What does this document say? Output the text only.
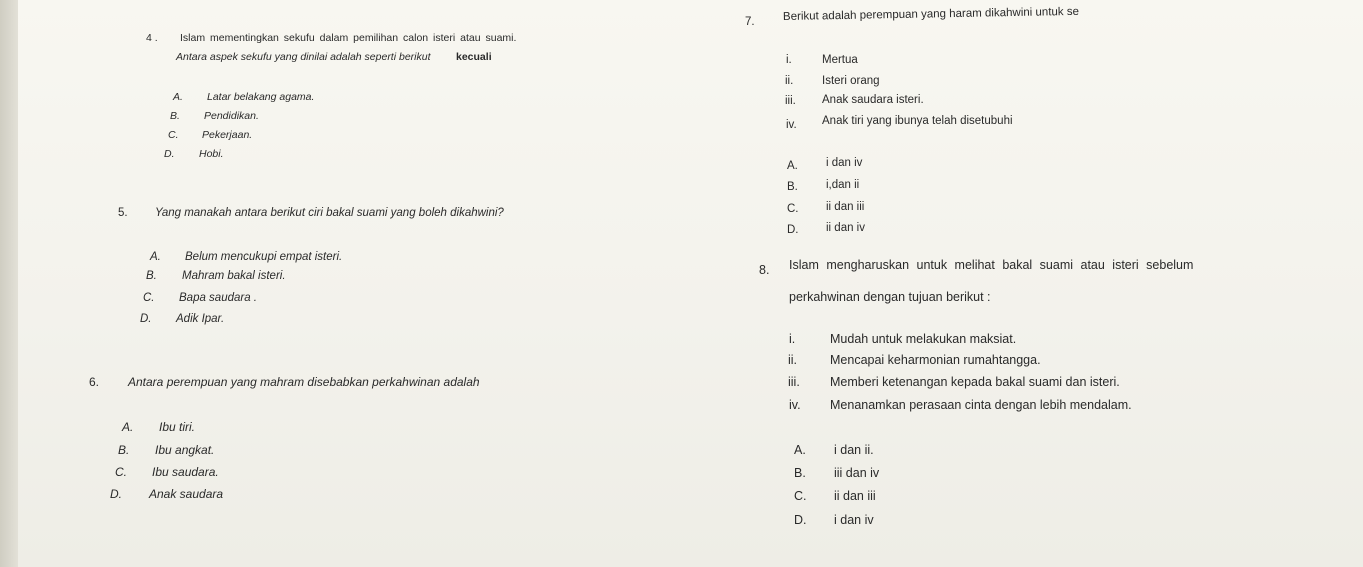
4 . Islam mementingkan sekufu dalam pemilihan calon isteri atau suami.
Antara aspek sekufu yang dinilai adalah seperti berikut kecuali
A. Latar belakang agama.
B. Pendidikan.
C. Pekerjaan.
D. Hobi.
5. Yang manakah antara berikut ciri bakal suami yang boleh dikahwini?
A. Belum mencukupi empat isteri.
B. Mahram bakal isteri.
C. Bapa saudara .
D. Adik Ipar.
6. Antara perempuan yang mahram disebabkan perkahwinan adalah
A. Ibu tiri.
B. Ibu angkat.
C. Ibu saudara.
D. Anak saudara
7. Berikut adalah perempuan yang haram dikahwini untuk se
i.	Mertua
ii. Isteri orang
iii. Anak saudara isteri.
iv. Anak tiri yang ibunya telah disetubuhi
A. i dan iv
B. i,dan ii
C. ii dan iii
D. ii dan iv
8. Islam mengharuskan untuk melihat bakal suami atau isteri sebelum
perkahwinan dengan tujuan berikut :
i.	Mudah untuk melakukan maksiat.
ii.	Mencapai keharmonian rumahtangga.
iii. Memberi ketenangan kepada bakal suami dan isteri.
iv. Menanamkan perasaan cinta dengan lebih mendalam.
A. i dan ii.
B. iii dan iv
C. ii dan iii
D. i dan iv
